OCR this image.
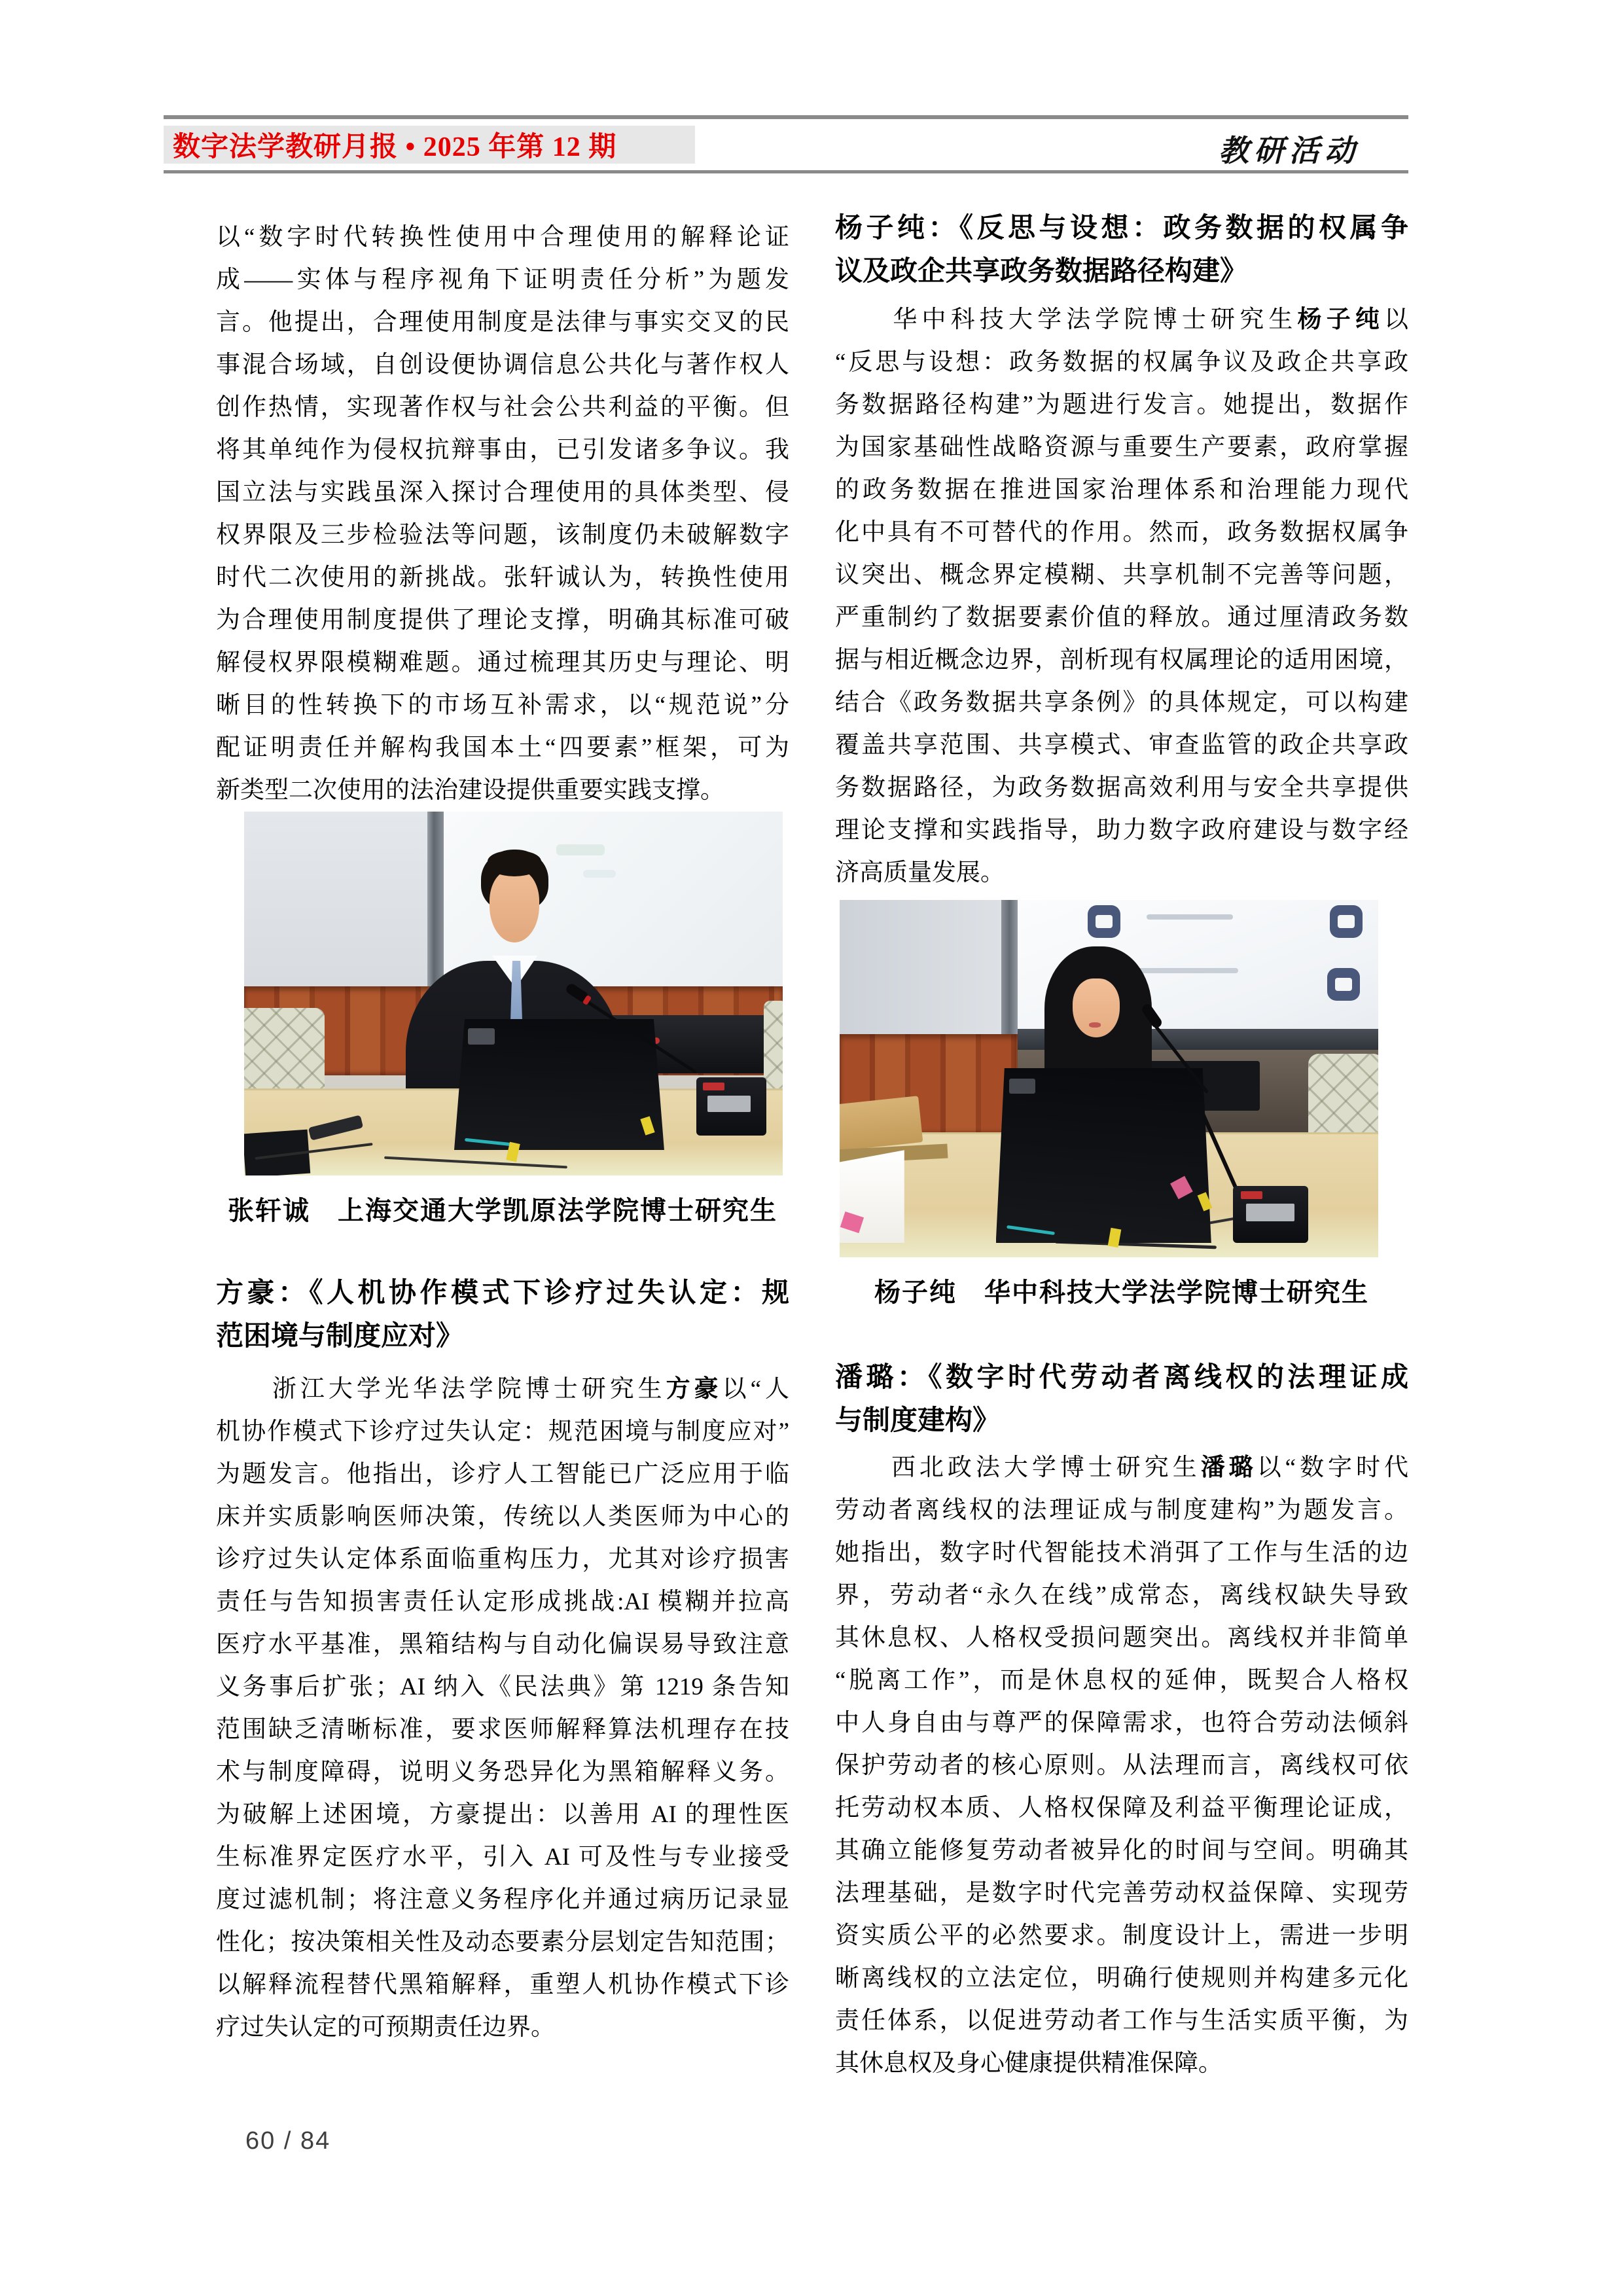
数字法学教研月报 • 2025 年第 12 期	教研活动
以“数字时代转换性使用中合理使用的解释论证
成——实体与程序视角下证明责任分析”为题发
言。他提出，合理使用制度是法律与事实交叉的民
事混合场域，自创设便协调信息公共化与著作权人
创作热情，实现著作权与社会公共利益的平衡。但
将其单纯作为侵权抗辩事由，已引发诸多争议。我
国立法与实践虽深入探讨合理使用的具体类型、侵
权界限及三步检验法等问题，该制度仍未破解数字
时代二次使用的新挑战。张轩诚认为，转换性使用
为合理使用制度提供了理论支撑，明确其标准可破
解侵权界限模糊难题。通过梳理其历史与理论、明
晰目的性转换下的市场互补需求，以“规范说”分
配证明责任并解构我国本土“四要素”框架，可为
新类型二次使用的法治建设提供重要实践支撑。
张轩诚　上海交通大学凯原法学院博士研究生
方豪：《人机协作模式下诊疗过失认定：规
范困境与制度应对》
　　浙江大学光华法学院博士研究生方豪以“人
机协作模式下诊疗过失认定：规范困境与制度应对”
为题发言。他指出，诊疗人工智能已广泛应用于临
床并实质影响医师决策，传统以人类医师为中心的
诊疗过失认定体系面临重构压力，尤其对诊疗损害
责任与告知损害责任认定形成挑战:AI 模糊并拉高
医疗水平基准，黑箱结构与自动化偏误易导致注意
义务事后扩张；AI 纳入《民法典》第 1219 条告知
范围缺乏清晰标准，要求医师解释算法机理存在技
术与制度障碍，说明义务恐异化为黑箱解释义务。
为破解上述困境，方豪提出：以善用 AI 的理性医
生标准界定医疗水平，引入 AI 可及性与专业接受
度过滤机制；将注意义务程序化并通过病历记录显
性化；按决策相关性及动态要素分层划定告知范围；
以解释流程替代黑箱解释，重塑人机协作模式下诊
疗过失认定的可预期责任边界。
杨子纯：《反思与设想：政务数据的权属争
议及政企共享政务数据路径构建》
　　华中科技大学法学院博士研究生杨子纯以
“反思与设想：政务数据的权属争议及政企共享政
务数据路径构建”为题进行发言。她提出，数据作
为国家基础性战略资源与重要生产要素，政府掌握
的政务数据在推进国家治理体系和治理能力现代
化中具有不可替代的作用。然而，政务数据权属争
议突出、概念界定模糊、共享机制不完善等问题，
严重制约了数据要素价值的释放。通过厘清政务数
据与相近概念边界，剖析现有权属理论的适用困境，
结合《政务数据共享条例》的具体规定，可以构建
覆盖共享范围、共享模式、审查监管的政企共享政
务数据路径，为政务数据高效利用与安全共享提供
理论支撑和实践指导，助力数字政府建设与数字经
济高质量发展。
杨子纯　华中科技大学法学院博士研究生
潘璐：《数字时代劳动者离线权的法理证成
与制度建构》
　　西北政法大学博士研究生潘璐以“数字时代
劳动者离线权的法理证成与制度建构”为题发言。
她指出，数字时代智能技术消弭了工作与生活的边
界，劳动者“永久在线”成常态，离线权缺失导致
其休息权、人格权受损问题突出。离线权并非简单
“脱离工作”，而是休息权的延伸，既契合人格权
中人身自由与尊严的保障需求，也符合劳动法倾斜
保护劳动者的核心原则。从法理而言，离线权可依
托劳动权本质、人格权保障及利益平衡理论证成，
其确立能修复劳动者被异化的时间与空间。明确其
法理基础，是数字时代完善劳动权益保障、实现劳
资实质公平的必然要求。制度设计上，需进一步明
晰离线权的立法定位，明确行使规则并构建多元化
责任体系，以促进劳动者工作与生活实质平衡，为
其休息权及身心健康提供精准保障。
60 / 84
